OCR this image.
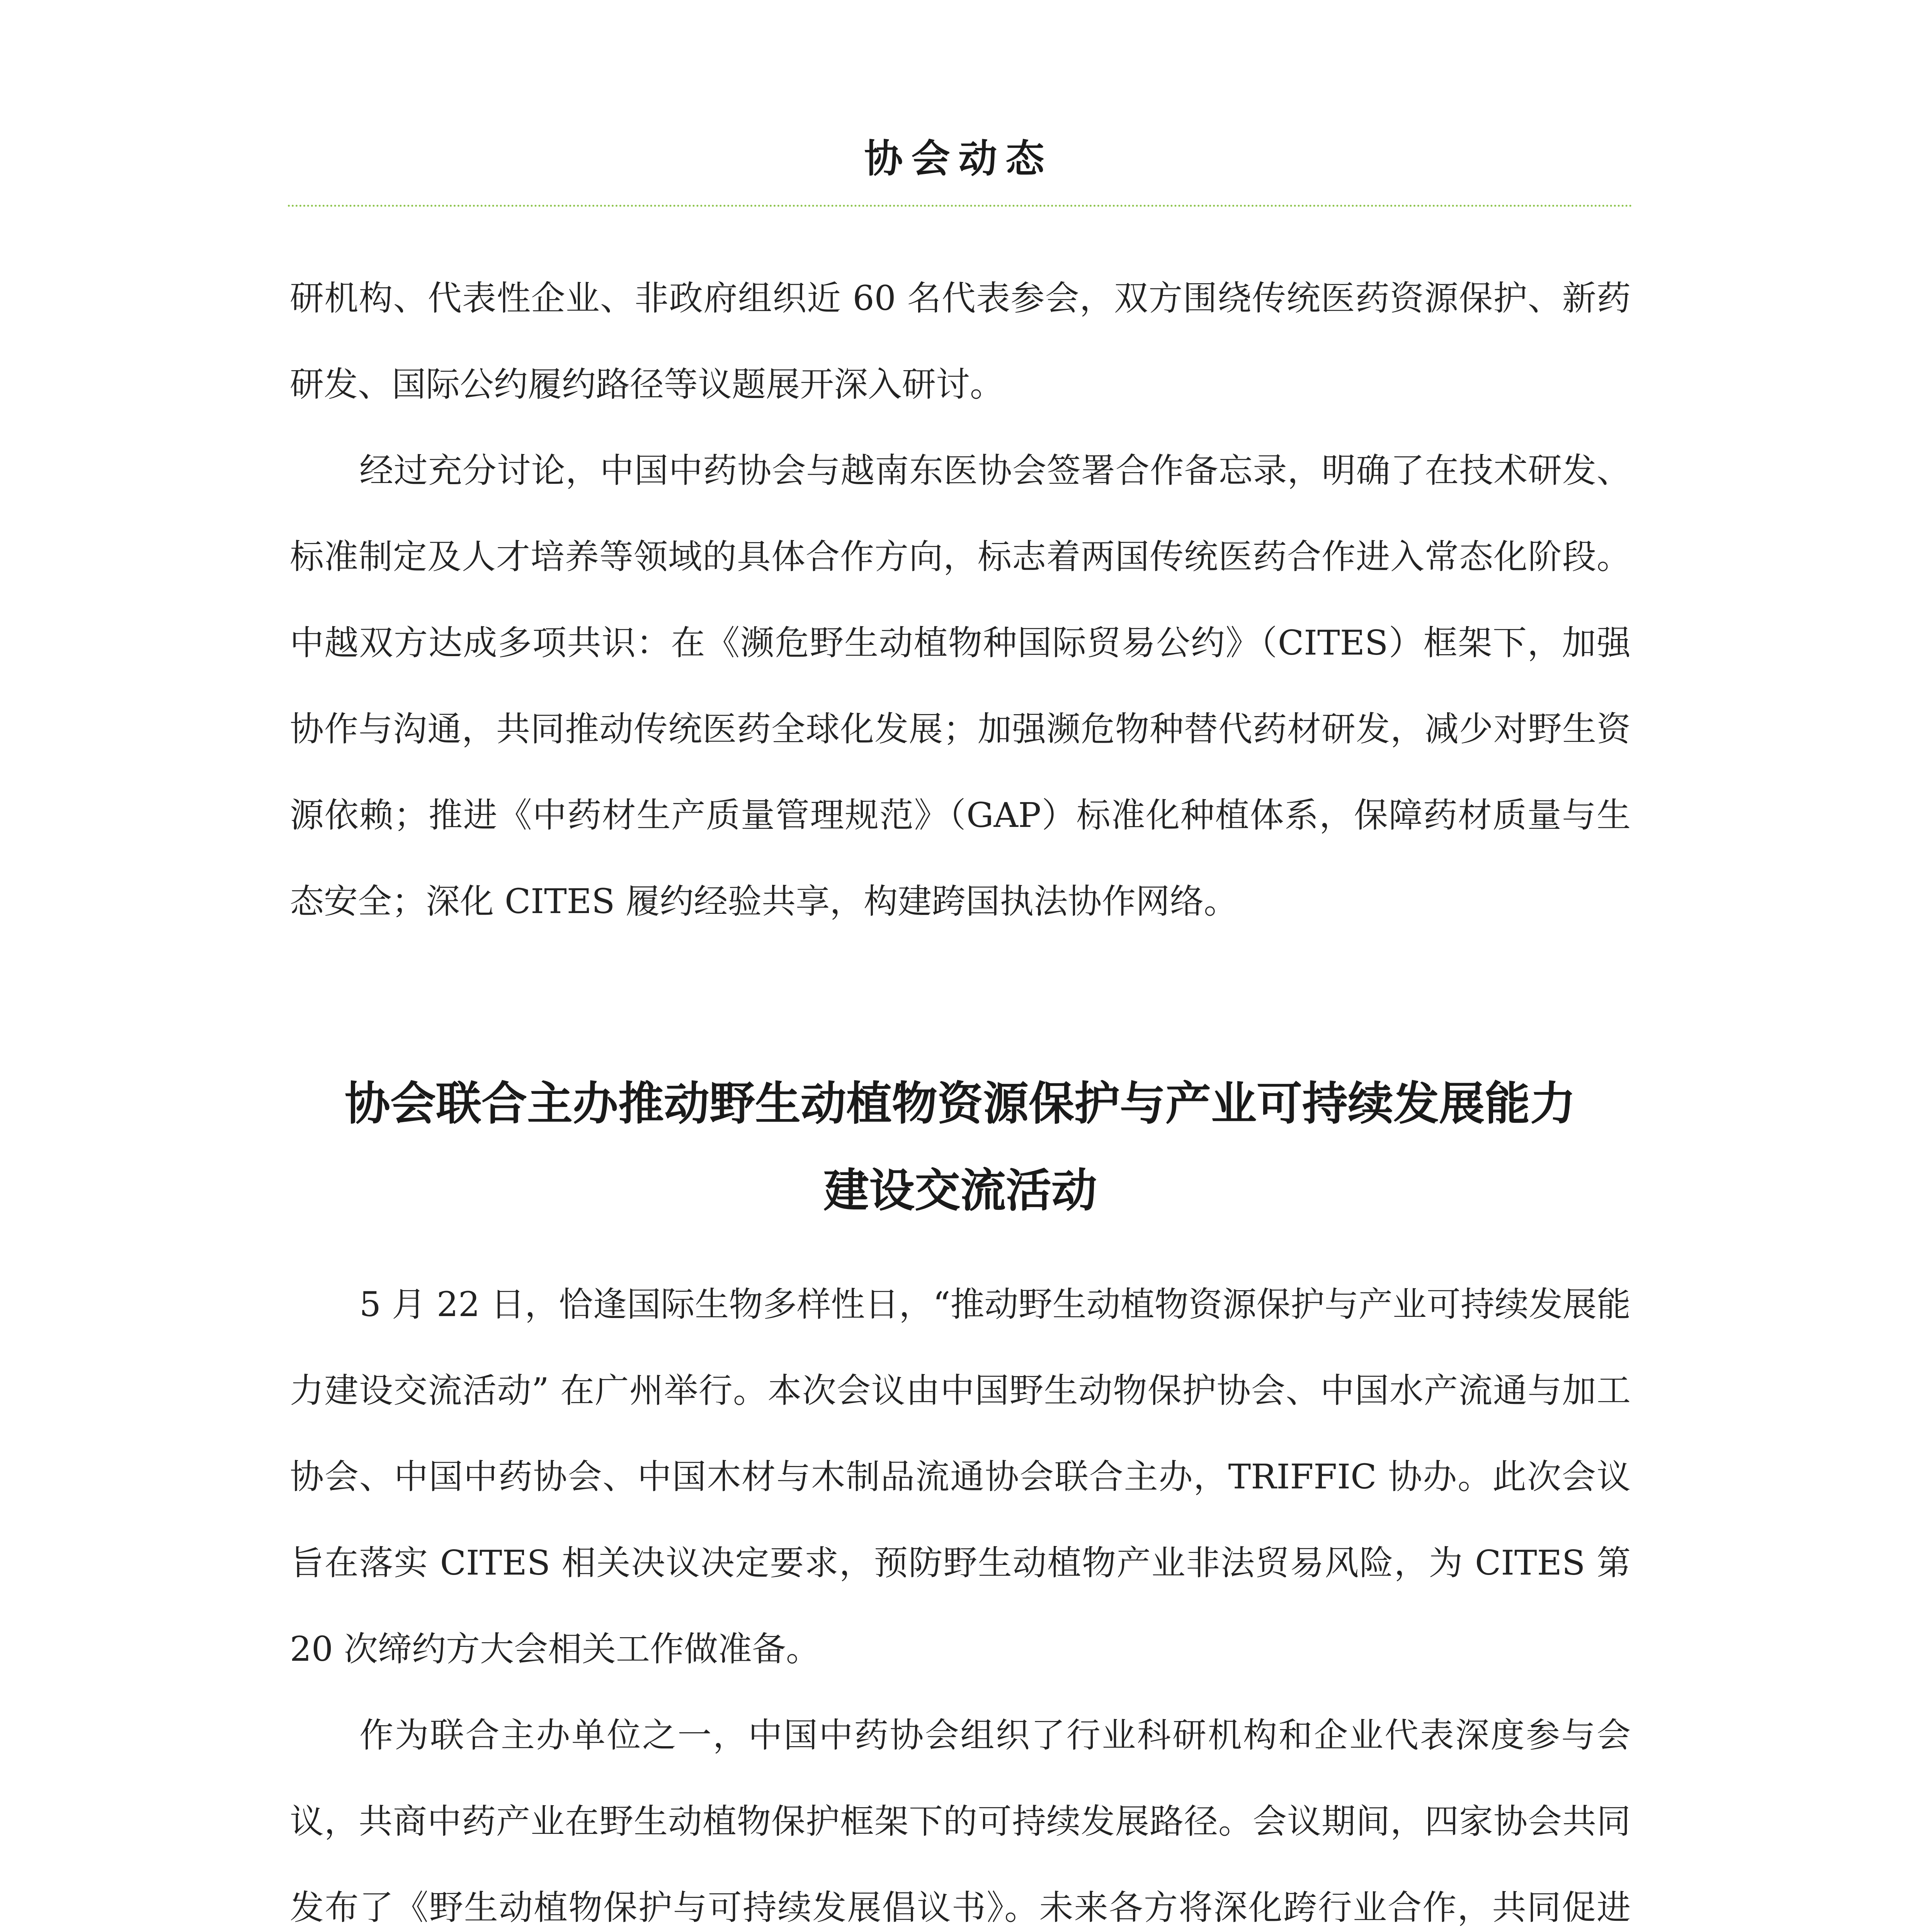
协会动态

研机构、代表性企业、非政府组织近 60 名代表参会，双方围绕传统医药资源保护、新药研发、国际公约履约路径等议题展开深入研讨。

经过充分讨论，中国中药协会与越南东医协会签署合作备忘录，明确了在技术研发、标准制定及人才培养等领域的具体合作方向，标志着两国传统医药合作进入常态化阶段。中越双方达成多项共识：在《濒危野生动植物种国际贸易公约》（CITES）框架下，加强协作与沟通，共同推动传统医药全球化发展；加强濒危物种替代药材研发，减少对野生资源依赖；推进《中药材生产质量管理规范》（GAP）标准化种植体系，保障药材质量与生态安全；深化 CITES 履约经验共享，构建跨国执法协作网络。

协会联合主办推动野生动植物资源保护与产业可持续发展能力
建设交流活动

5 月 22 日，恰逢国际生物多样性日，“推动野生动植物资源保护与产业可持续发展能力建设交流活动” 在广州举行。本次会议由中国野生动物保护协会、中国水产流通与加工协会、中国中药协会、中国木材与木制品流通协会联合主办，TRIFFIC 协办。此次会议旨在落实 CITES 相关决议决定要求，预防野生动植物产业非法贸易风险，为 CITES 第 20 次缔约方大会相关工作做准备。

作为联合主办单位之一，中国中药协会组织了行业科研机构和企业代表深度参与会议，共商中药产业在野生动植物保护框架下的可持续发展路径。会议期间，四家协会共同发布了《野生动植物保护与可持续发展倡议书》。未来各方将深化跨行业合作，共同促进
